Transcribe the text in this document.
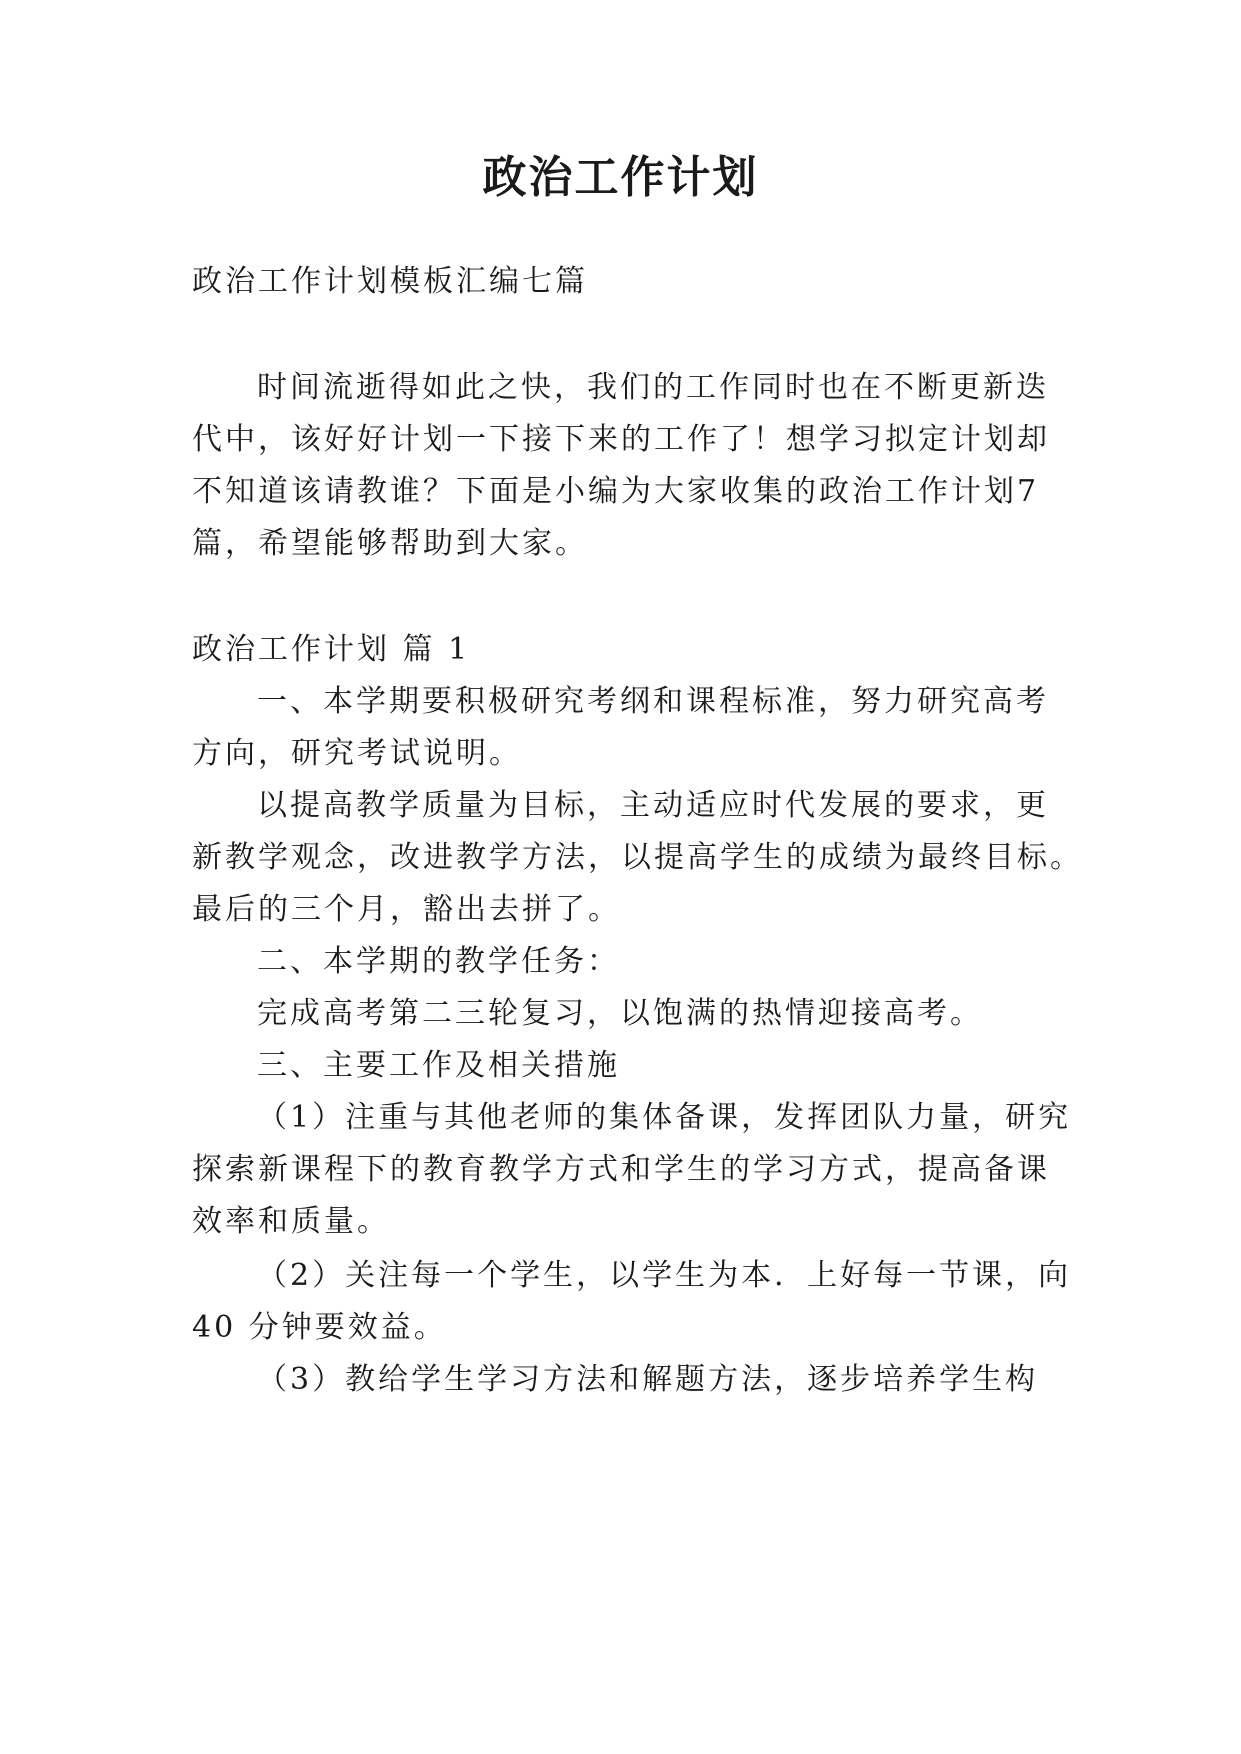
政治工作计划
政治工作计划模板汇编七篇
时间流逝得如此之快，我们的工作同时也在不断更新迭
代中，该好好计划一下接下来的工作了！想学习拟定计划却
不知道该请教谁？下面是小编为大家收集的政治工作计划7
篇，希望能够帮助到大家。
政治工作计划 篇 1
一、本学期要积极研究考纲和课程标准，努力研究高考
方向，研究考试说明。
以提高教学质量为目标，主动适应时代发展的要求，更
新教学观念，改进教学方法，以提高学生的成绩为最终目标。
最后的三个月，豁出去拼了。
二、本学期的教学任务：
完成高考第二三轮复习，以饱满的热情迎接高考。
三、主要工作及相关措施
（1）注重与其他老师的集体备课，发挥团队力量，研究
探索新课程下的教育教学方式和学生的学习方式，提高备课
效率和质量。
（2）关注每一个学生，以学生为本．上好每一节课，向
40 分钟要效益。
（3）教给学生学习方法和解题方法，逐步培养学生构
